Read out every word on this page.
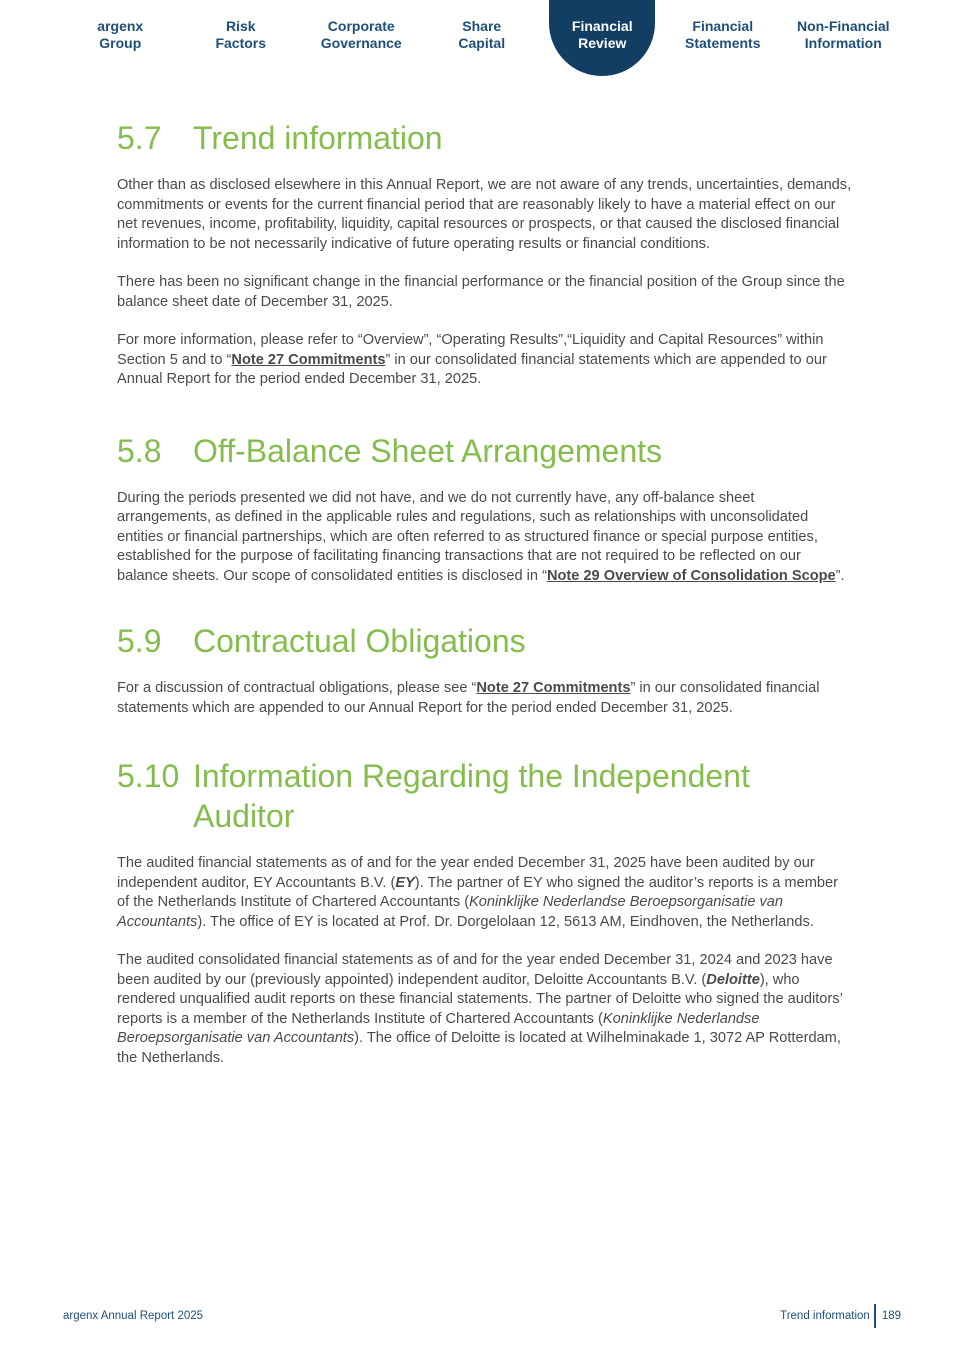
argenx
Group
Risk
Factors
Corporate
Governance
Share
Capital
Financial
Review
Financial
Statements
Non-Financial
Information
5.7 Trend information

Other than as disclosed elsewhere in this Annual Report, we are not aware of any trends, uncertainties, demands, commitments or events for the current financial period that are reasonably likely to have a material effect on our net revenues, income, profitability, liquidity, capital resources or prospects, or that caused the disclosed financial information to be not necessarily indicative of future operating results or financial conditions.

There has been no significant change in the financial performance or the financial position of the Group since the balance sheet date of December 31, 2025.

For more information, please refer to “Overview”, “Operating Results”,“Liquidity and Capital Resources” within Section 5 and to “Note 27 Commitments” in our consolidated financial statements which are appended to our Annual Report for the period ended December 31, 2025.

5.8 Off-Balance Sheet Arrangements

During the periods presented we did not have, and we do not currently have, any off-balance sheet arrangements, as defined in the applicable rules and regulations, such as relationships with unconsolidated entities or financial partnerships, which are often referred to as structured finance or special purpose entities, established for the purpose of facilitating financing transactions that are not required to be reflected on our balance sheets. Our scope of consolidated entities is disclosed in “Note 29 Overview of Consolidation Scope”.

5.9 Contractual Obligations

For a discussion of contractual obligations, please see “Note 27 Commitments” in our consolidated financial statements which are appended to our Annual Report for the period ended December 31, 2025.

5.10 Information Regarding the Independent Auditor

The audited financial statements as of and for the year ended December 31, 2025 have been audited by our independent auditor, EY Accountants B.V. (EY). The partner of EY who signed the auditor’s reports is a member of the Netherlands Institute of Chartered Accountants (Koninklijke Nederlandse Beroepsorganisatie van Accountants). The office of EY is located at Prof. Dr. Dorgelolaan 12, 5613 AM, Eindhoven, the Netherlands.

The audited consolidated financial statements as of and for the year ended December 31, 2024 and 2023 have been audited by our (previously appointed) independent auditor, Deloitte Accountants B.V. (Deloitte), who rendered unqualified audit reports on these financial statements. The partner of Deloitte who signed the auditors’ reports is a member of the Netherlands Institute of Chartered Accountants (Koninklijke Nederlandse Beroepsorganisatie van Accountants). The office of Deloitte is located at Wilhelminakade 1, 3072 AP Rotterdam, the Netherlands.

argenx Annual Report 2025	Trend information 189
